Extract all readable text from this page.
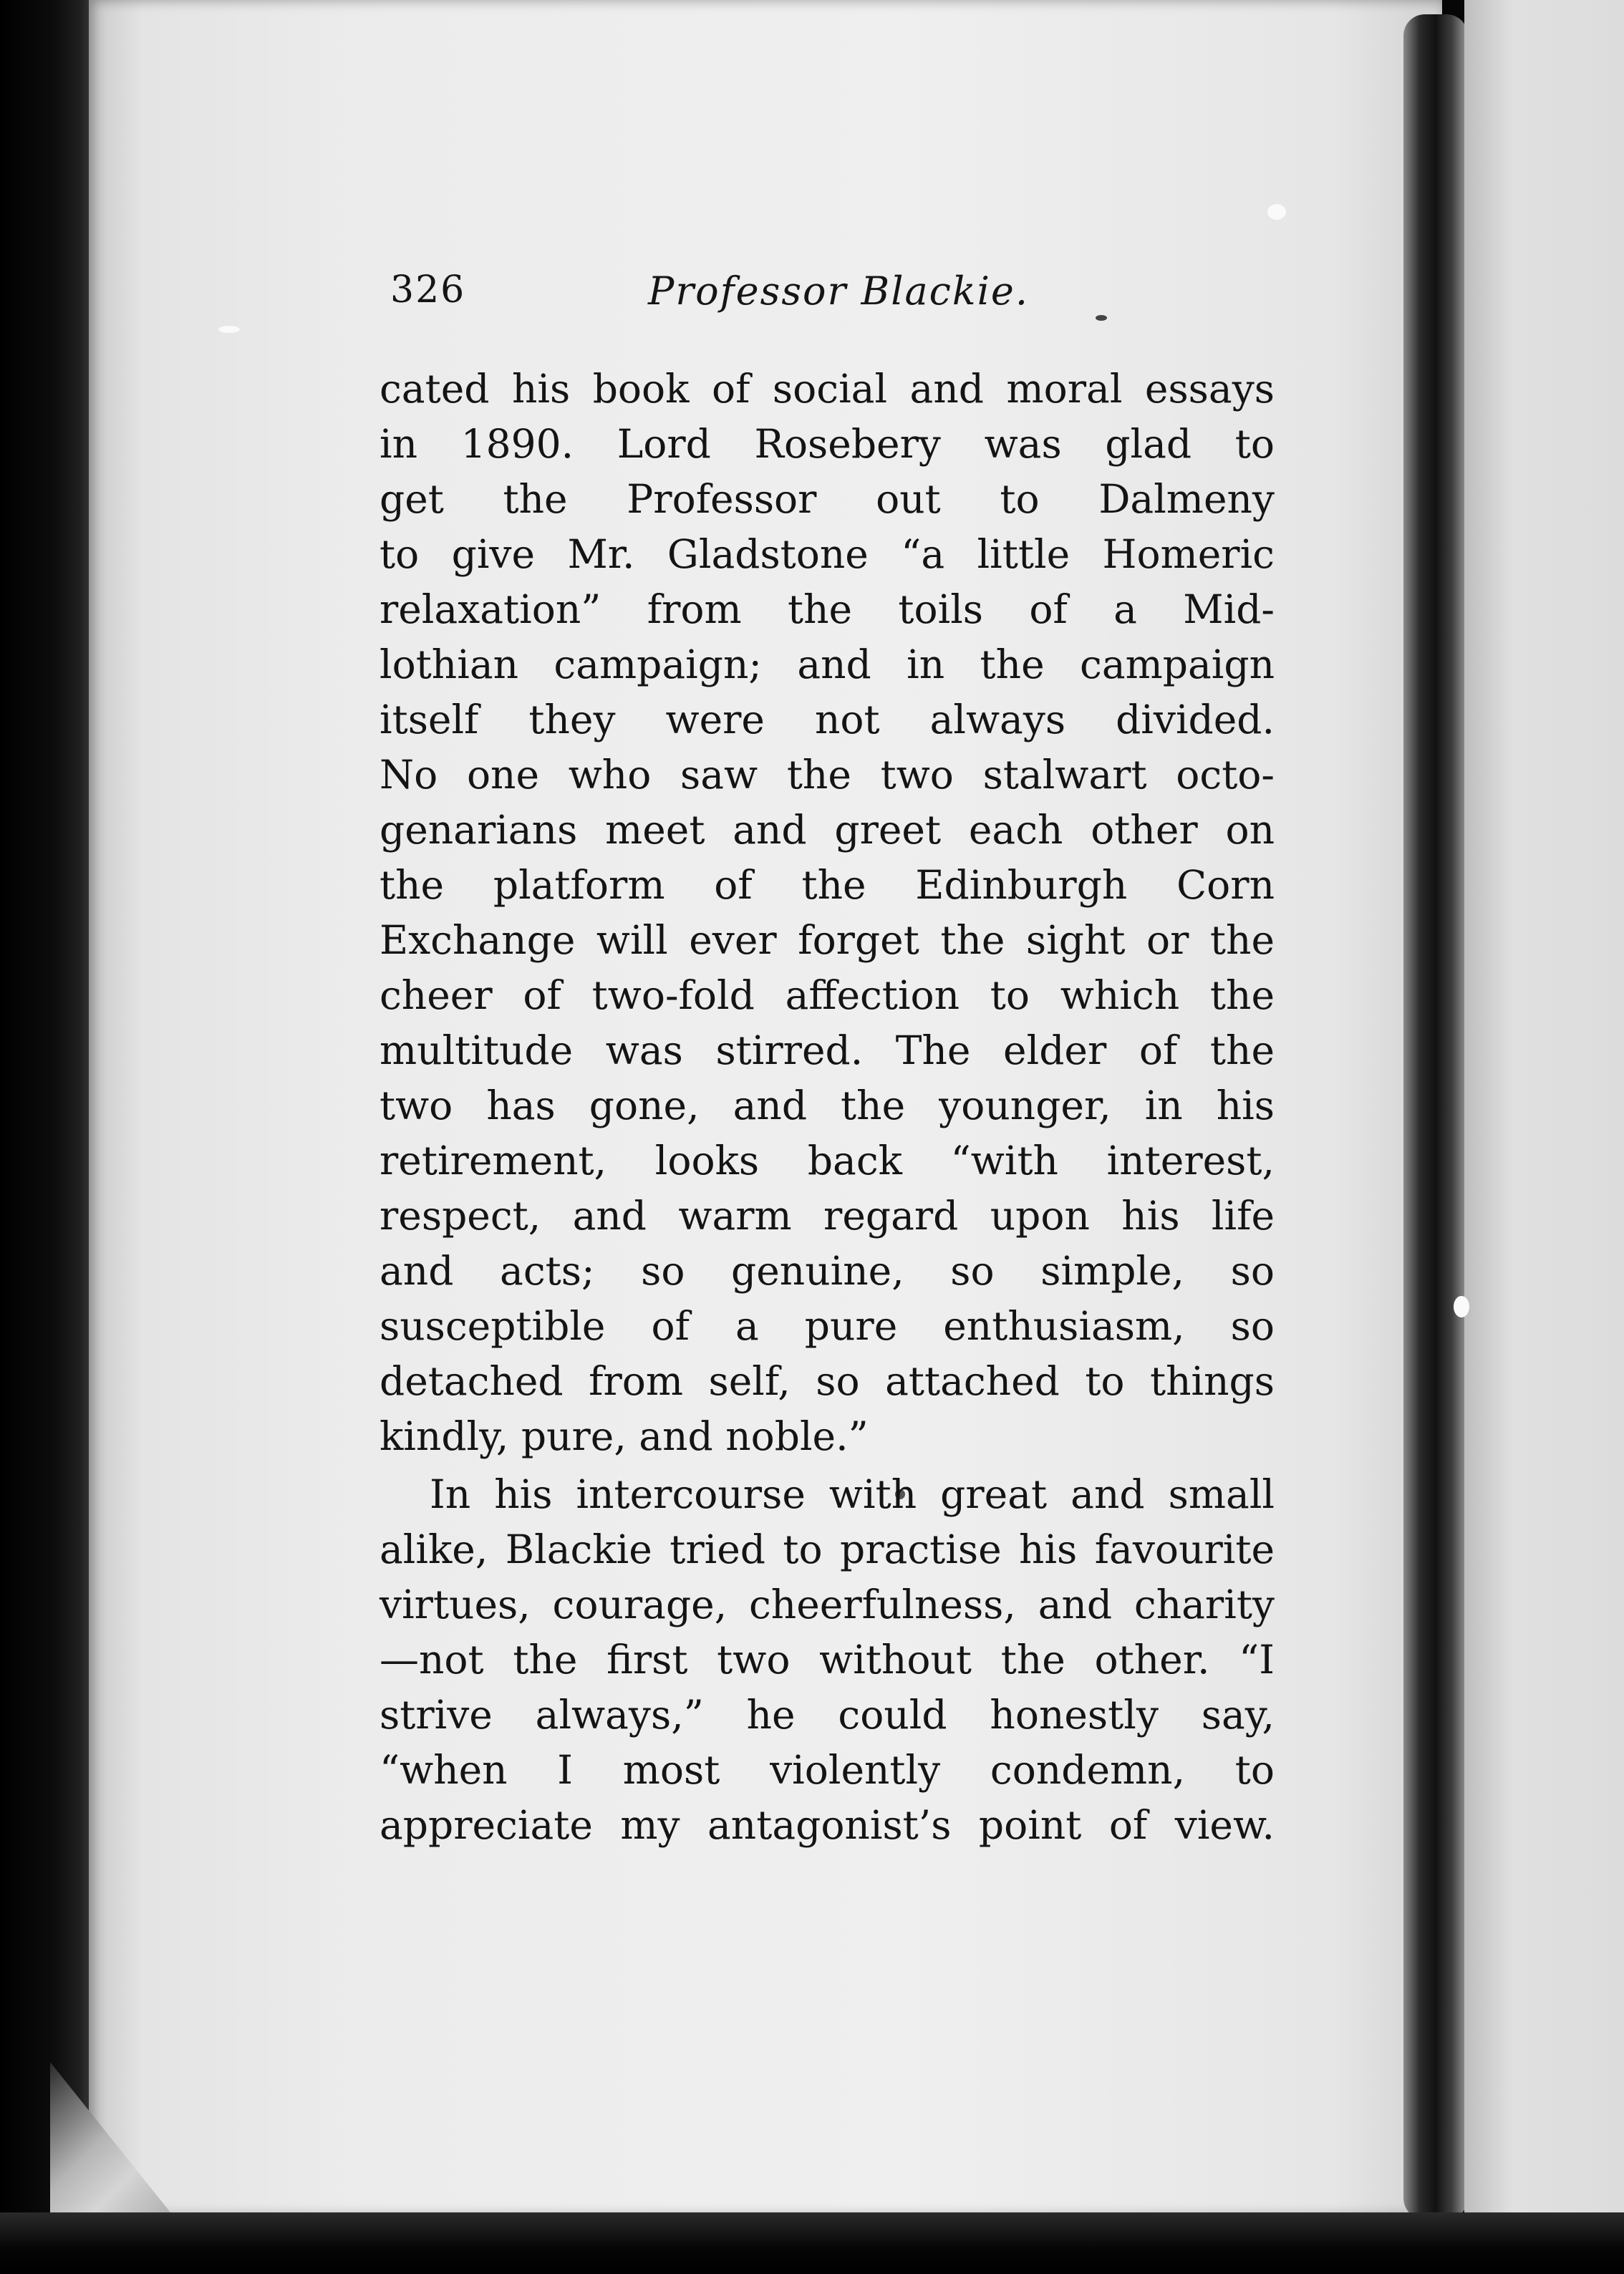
326	Professor Blackie.
cated his book of social and moral essays
in 1890. Lord Rosebery was glad to
get the Professor out to Dalmeny
to give Mr. Gladstone “a little Homeric
relaxation” from the toils of a Mid-
lothian campaign; and in the campaign
itself they were not always divided.
No one who saw the two stalwart octo-
genarians meet and greet each other on
the platform of the Edinburgh Corn
Exchange will ever forget the sight or the
cheer of two-fold affection to which the
multitude was stirred. The elder of the
two has gone, and the younger, in his
retirement, looks back “with interest,
respect, and warm regard upon his life
and acts; so genuine, so simple, so
susceptible of a pure enthusiasm, so
detached from self, so attached to things
kindly, pure, and noble.”
In his intercourse with great and small
alike, Blackie tried to practise his favourite
virtues, courage, cheerfulness, and charity
—not the first two without the other. “I
strive always,” he could honestly say,
“when I most violently condemn, to
appreciate my antagonist’s point of view.
